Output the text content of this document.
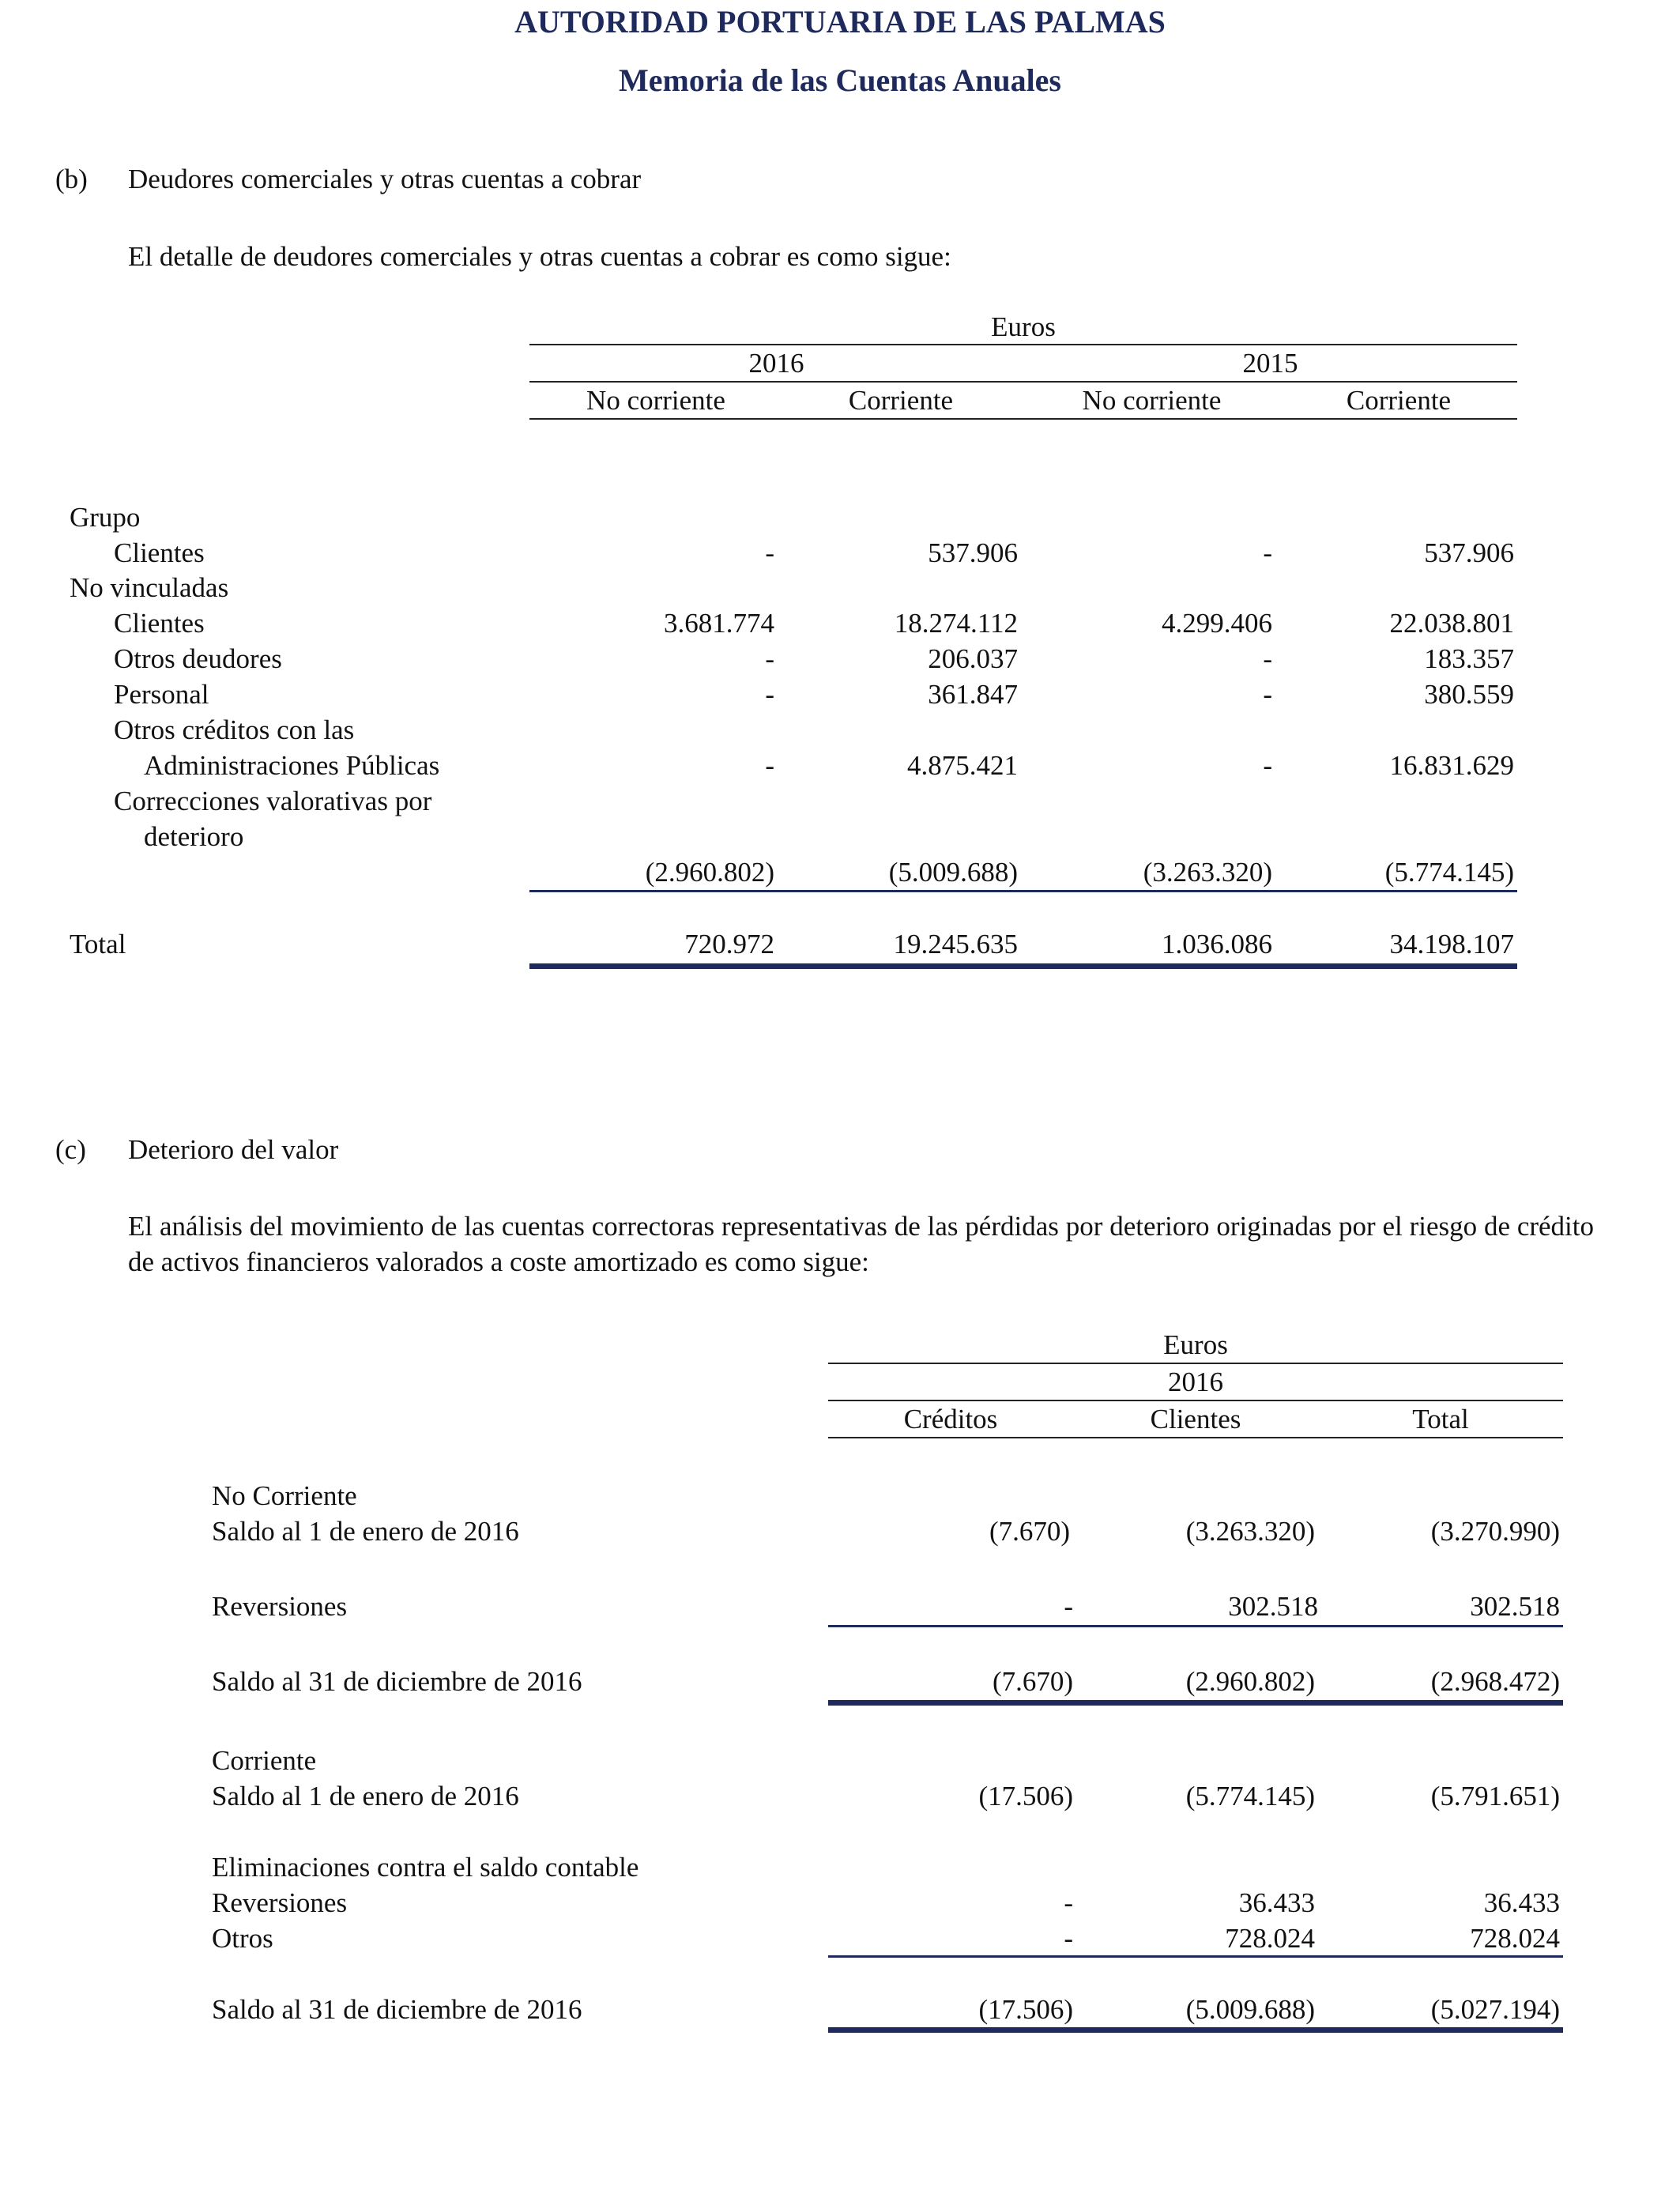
AUTORIDAD PORTUARIA DE LAS PALMAS
Memoria de las Cuentas Anuales
(b) Deudores comerciales y otras cuentas a cobrar
El detalle de deudores comerciales y otras cuentas a cobrar es como sigue:
Euros
2016	2015
No corriente	Corriente	No corriente	Corriente
Grupo
Clientes	-	537.906	-	537.906
No vinculadas
Clientes	3.681.774	18.274.112	4.299.406	22.038.801
Otros deudores	-	206.037	-	183.357
Personal	-	361.847	-	380.559
Otros créditos con las
Administraciones Públicas	-	4.875.421	-	16.831.629
Correcciones valorativas por
deterioro
(2.960.802)	(5.009.688)	(3.263.320)	(5.774.145)
Total	720.972	19.245.635	1.036.086	34.198.107
(c) Deterioro del valor
El análisis del movimiento de las cuentas correctoras representativas de las pérdidas por deterioro originadas por el riesgo de crédito de activos financieros valorados a coste amortizado es como sigue:
Euros
2016
Créditos	Clientes	Total
No Corriente
Saldo al 1 de enero de 2016	(7.670)	(3.263.320)	(3.270.990)
Reversiones	-	302.518	302.518
Saldo al 31 de diciembre de 2016	(7.670)	(2.960.802)	(2.968.472)
Corriente
Saldo al 1 de enero de 2016	(17.506)	(5.774.145)	(5.791.651)
Eliminaciones contra el saldo contable
Reversiones	-	36.433	36.433
Otros	-	728.024	728.024
Saldo al 31 de diciembre de 2016	(17.506)	(5.009.688)	(5.027.194)
